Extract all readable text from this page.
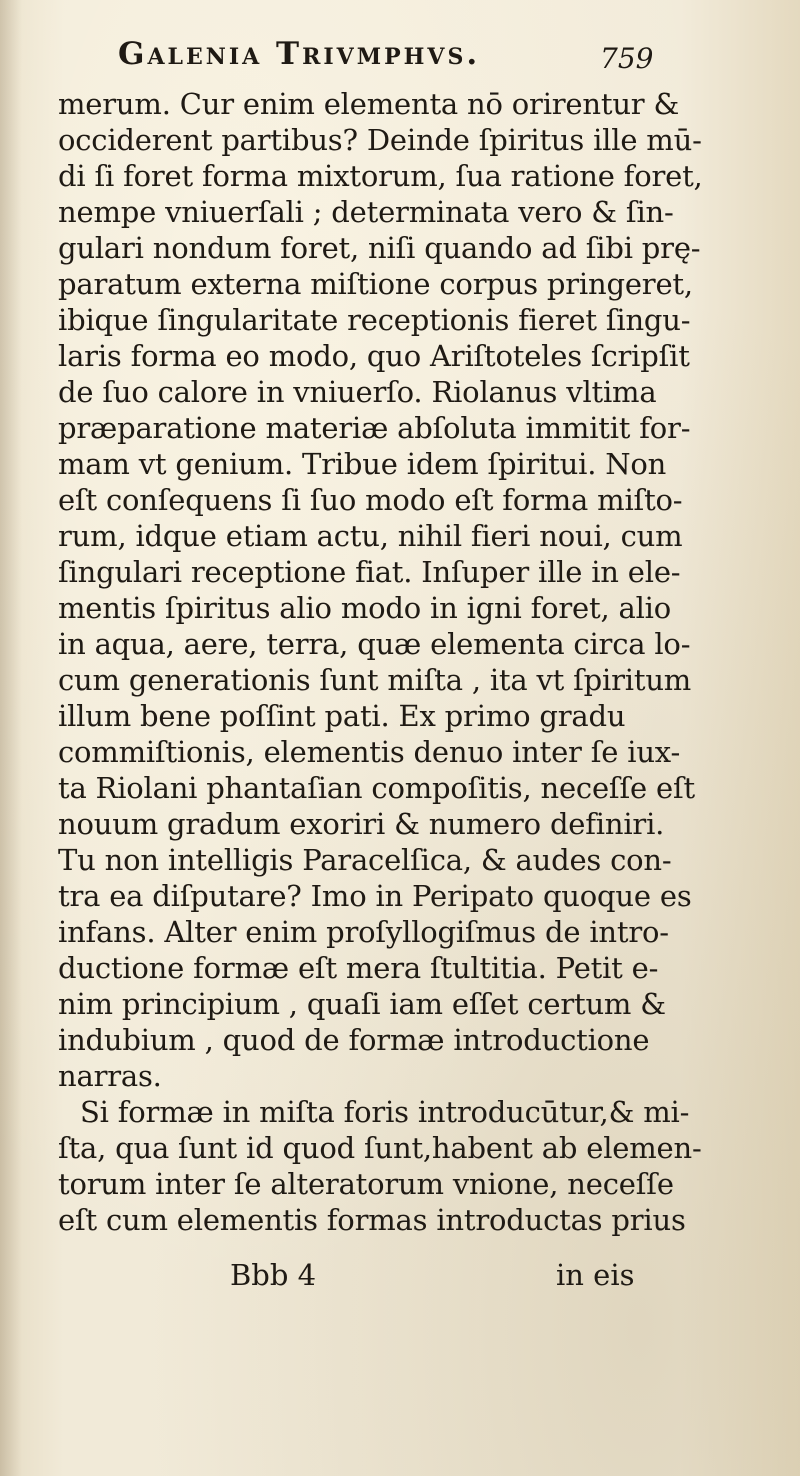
Galenia Trivmphvs.	759
merum. Cur enim elementa nō orirentur &
occiderent partibus? Deinde ſpiritus ille mū-
di ſi foret forma mixtorum, ſua ratione foret,
nempe vniuerſali ; determinata vero & ſin-
gulari nondum foret, niſi quando ad ſibi prę-
paratum externa miſtione corpus pringeret,
ibique ſingularitate receptionis fieret ſingu-
laris forma eo modo, quo Ariſtoteles ſcripſit
de ſuo calore in vniuerſo. Riolanus vltima
præparatione materiæ abſoluta immitit for-
mam vt genium. Tribue idem ſpiritui. Non
eſt conſequens ſi ſuo modo eſt forma miſto-
rum, idque etiam actu, nihil fieri noui, cum
ſingulari receptione fiat. Inſuper ille in ele-
mentis ſpiritus alio modo in igni foret, alio
in aqua, aere, terra, quæ elementa circa lo-
cum generationis ſunt miſta , ita vt ſpiritum
illum bene poſſint pati. Ex primo gradu
commiſtionis, elementis denuo inter ſe iux-
ta Riolani phantaſian compoſitis, neceſſe eſt
nouum gradum exoriri & numero definiri.
Tu non intelligis Paracelſica, & audes con-
tra ea diſputare? Imo in Peripato quoque es
infans. Alter enim proſyllogiſmus de intro-
ductione formæ eſt mera ſtultitia. Petit e-
nim principium , quaſi iam eſſet certum &
indubium , quod de formæ introductione
narras.
Si formæ in miſta foris introducūtur,& mi-
ſta, qua ſunt id quod ſunt,habent ab elemen-
torum inter ſe alteratorum vnione, neceſſe
eſt cum elementis formas introductas prius
Bbb 4	in eis
